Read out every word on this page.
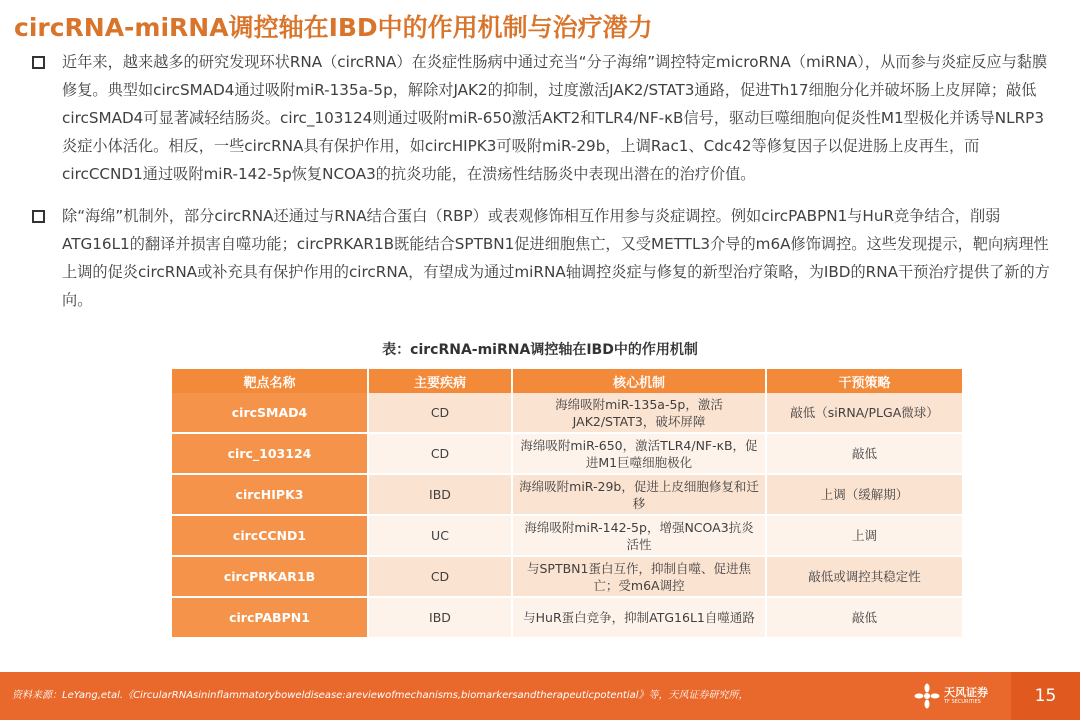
circRNA-miRNA调控轴在IBD中的作用机制与治疗潜力
近年来，越来越多的研究发现环状RNA（circRNA）在炎症性肠病中通过充当“分子海绵”调控特定microRNA（miRNA），从而参与炎症反应与黏膜修复。典型如circSMAD4通过吸附miR-135a-5p，解除对JAK2的抑制，过度激活JAK2/STAT3通路，促进Th17细胞分化并破坏肠上皮屏障；敲低circSMAD4可显著减轻结肠炎。circ_103124则通过吸附miR-650激活AKT2和TLR4/NF-κB信号，驱动巨噬细胞向促炎性M1型极化并诱导NLRP3炎症小体活化。相反，一些circRNA具有保护作用，如circHIPK3可吸附miR-29b，上调Rac1、Cdc42等修复因子以促进肠上皮再生，而circCCND1通过吸附miR-142-5p恢复NCOA3的抗炎功能，在溃疡性结肠炎中表现出潜在的治疗价值。
除“海绵”机制外，部分circRNA还通过与RNA结合蛋白（RBP）或表观修饰相互作用参与炎症调控。例如circPABPN1与HuR竞争结合，削弱ATG16L1的翻译并损害自噬功能；circPRKAR1B既能结合SPTBN1促进细胞焦亡，又受METTL3介导的m6A修饰调控。这些发现提示，靶向病理性上调的促炎circRNA或补充具有保护作用的circRNA，有望成为通过miRNA轴调控炎症与修复的新型治疗策略，为IBD的RNA干预治疗提供了新的方向。
表：circRNA-miRNA调控轴在IBD中的作用机制
靶点名称	主要疾病	核心机制	干预策略
circSMAD4	CD	海绵吸附miR-135a-5p，激活JAK2/STAT3，破坏屏障	敲低（siRNA/PLGA微球）
circ_103124	CD	海绵吸附miR-650，激活TLR4/NF-κB，促进M1巨噬细胞极化	敲低
circHIPK3	IBD	海绵吸附miR-29b，促进上皮细胞修复和迁移	上调（缓解期）
circCCND1	UC	海绵吸附miR-142-5p，增强NCOA3抗炎活性	上调
circPRKAR1B	CD	与SPTBN1蛋白互作，抑制自噬、促进焦亡；受m6A调控	敲低或调控其稳定性
circPABPN1	IBD	与HuR蛋白竞争，抑制ATG16L1自噬通路	敲低
资料来源：LeYang,etal.《CircularRNAsininflammatoryboweldisease:areviewofmechanisms,biomarkersandtherapeuticpotential》等，天风证券研究所，	天风证券
TF SECURITIES	15
